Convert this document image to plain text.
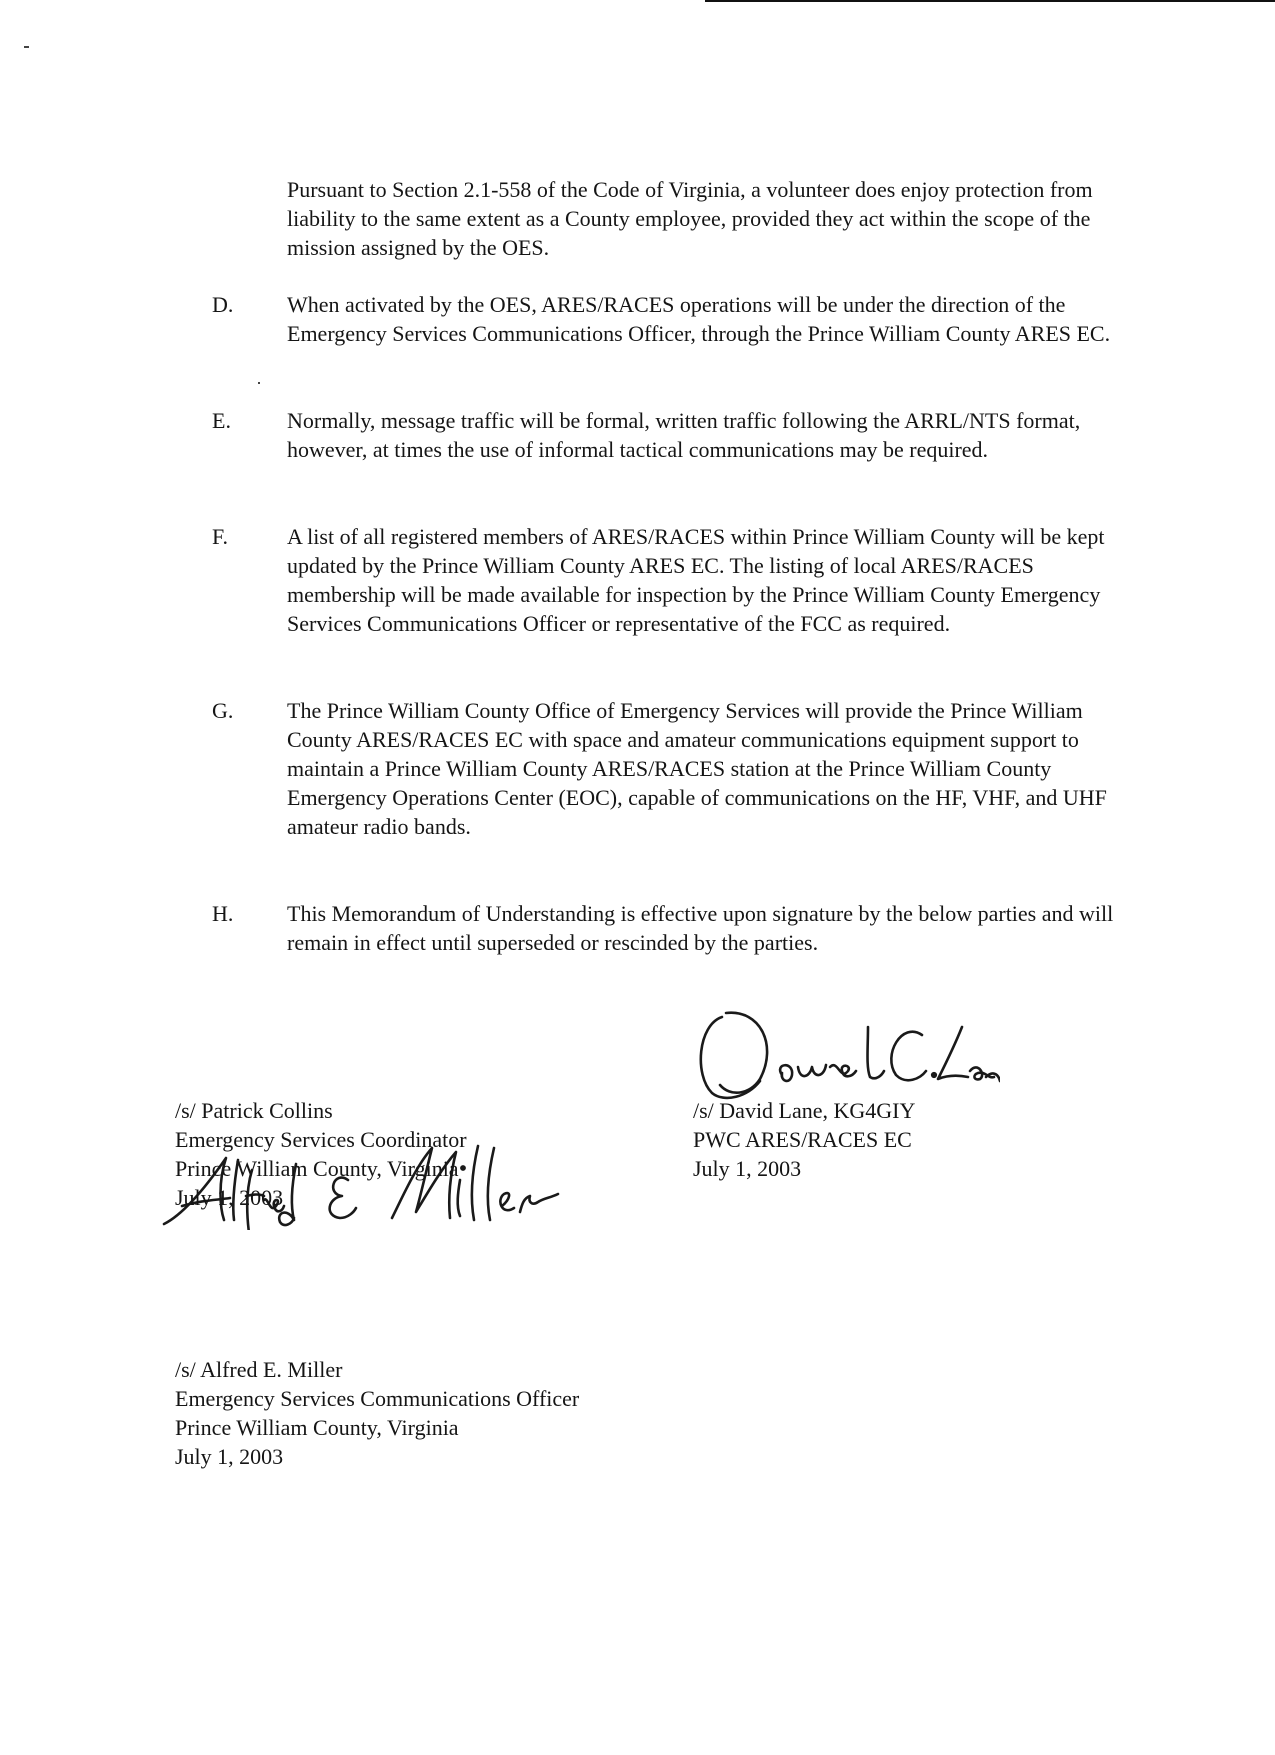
Pursuant to Section 2.1-558 of the Code of Virginia, a volunteer does enjoy protection from liability to the same extent as a County employee, provided they act within the scope of the mission assigned by the OES.

D. When activated by the OES, ARES/RACES operations will be under the direction of the Emergency Services Communications Officer, through the Prince William County ARES EC.

E.	Normally, message traffic will be formal, written traffic following the ARRL/NTS format, however, at times the use of informal tactical communications may be required.

F.	A list of all registered members of ARES/RACES within Prince William County will be kept updated by the Prince William County ARES EC. The listing of local ARES/RACES membership will be made available for inspection by the Prince William County Emergency Services Communications Officer or representative of the FCC as required.

G. The Prince William County Office of Emergency Services will provide the Prince William County ARES/RACES EC with space and amateur communications equipment support to maintain a Prince William County ARES/RACES station at the Prince William County Emergency Operations Center (EOC), capable of communications on the HF, VHF, and UHF amateur radio bands.

H. This Memorandum of Understanding is effective upon signature by the below parties and will remain in effect until superseded or rescinded by the parties.

/s/ Patrick Collins
Emergency Services Coordinator
Prince William County, Virginia
July 1, 2003
/s/ David Lane, KG4GIY
PWC ARES/RACES EC
July 1, 2003
/s/ Alfred E. Miller
Emergency Services Communications Officer
Prince William County, Virginia
July 1, 2003
